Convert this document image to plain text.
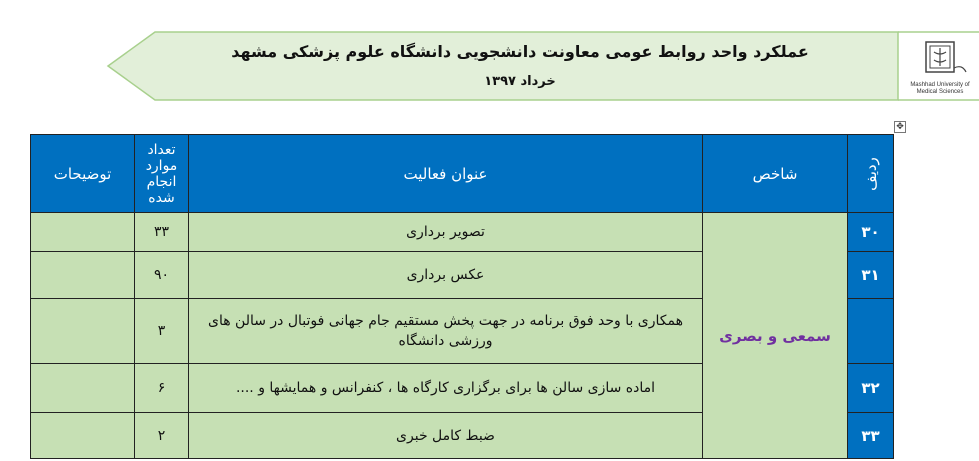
عملکرد واحد روابط عومی معاونت دانشجویی دانشگاه علوم پزشکی مشهد
خرداد ۱۳۹۷	Mashhad University of
Medical Sciences
✥
ردیف	شاخص	عنوان فعالیت	تعداد موارد انجام شده	توضیحات
۳۰	سمعی و بصری	تصویر برداری	۳۳	
۳۱		عکس برداری	۹۰	
		همکاری با وحد فوق برنامه در جهت پخش مستقیم جام جهانی فوتبال در سالن های ورزشی دانشگاه	۳	
۳۲		اماده سازی سالن ها برای برگزاری کارگاه ها ، کنفرانس و همایشها و ....	۶	
۳۳		ضبط کامل خبری	۲	
